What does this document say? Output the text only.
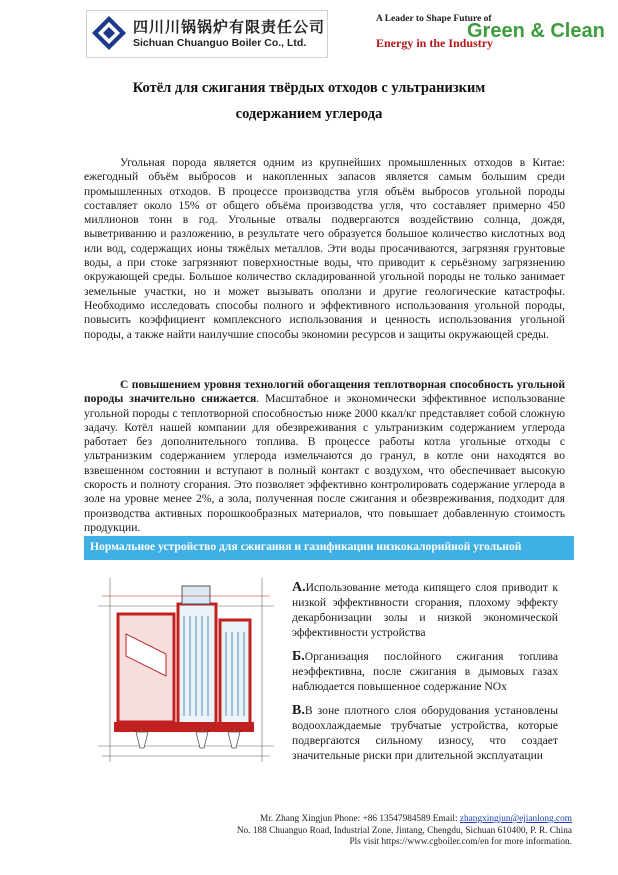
四川川锅锅炉有限责任公司
Sichuan Chuanguo Boiler Co., Ltd.
A Leader to Shape Future of
Energy in the Industry
Green & Clean
Котёл для сжигания твёрдых отходов с ультранизким
содержанием углерода

Угольная порода является одним из крупнейших промышленных отходов в Китае: ежегодный объём выбросов и накопленных запасов является самым большим среди промышленных отходов. В процессе производства угля объём выбросов угольной породы составляет около 15% от общего объёма производства угля, что составляет примерно 450 миллионов тонн в год. Угольные отвалы подвергаются воздействию солнца, дождя, выветриванию и разложению, в результате чего образуется большое количество кислотных вод или вод, содержащих ионы тяжёлых металлов. Эти воды просачиваются, загрязняя грунтовые воды, а при стоке загрязняют поверхностные воды, что приводит к серьёзному загрязнению окружающей среды. Большое количество складированной угольной породы не только занимает земельные участки, но и может вызывать оползни и другие геологические катастрофы. Необходимо исследовать способы полного и эффективного использования угольной породы, повысить коэффициент комплексного использования и ценность использования угольной породы, а также найти наилучшие способы экономии ресурсов и защиты окружающей среды.

С повышением уровня технологий обогащения теплотворная способность угольной породы значительно снижается. Масштабное и экономически эффективное использование угольной породы с теплотворной способностью ниже 2000 ккал/кг представляет собой сложную задачу. Котёл нашей компании для обезвреживания с ультранизким содержанием углерода работает без дополнительного топлива. В процессе работы котла угольные отходы с ультранизким содержанием углерода измельчаются до гранул, в котле они находятся во взвешенном состоянии и вступают в полный контакт с воздухом, что обеспечивает высокую скорость и полноту сгорания. Это позволяет эффективно контролировать содержание углерода в золе на уровне менее 2%, а зола, полученная после сжигания и обезвреживания, подходит для производства активных порошкообразных материалов, что повышает добавленную стоимость продукции.

Нормальное устройство для сжигания и газификации низкокалорийной угольной

A.Использование метода кипящего слоя приводит к низкой эффективности сгорания, плохому эффекту декарбонизации золы и низкой экономической эффективности устройства

Б.Организация послойного сжигания топлива неэффективна, после сжигания в дымовых газах наблюдается повышенное содержание NOx

В.В зоне плотного слоя оборудования установлены водоохлаждаемые трубчатые устройства, которые подвергаются сильному износу, что создает значительные риски при длительной эксплуатации

Mr. Zhang Xingjun Phone: +86 13547984589 Email: zhangxingjun@ejianlong.com
No. 188 Chuanguo Road, Industrial Zone, Jintang, Chengdu, Sichuan 610400, P. R. China
Pls visit https://www.cgboiler.com/en for more information.
